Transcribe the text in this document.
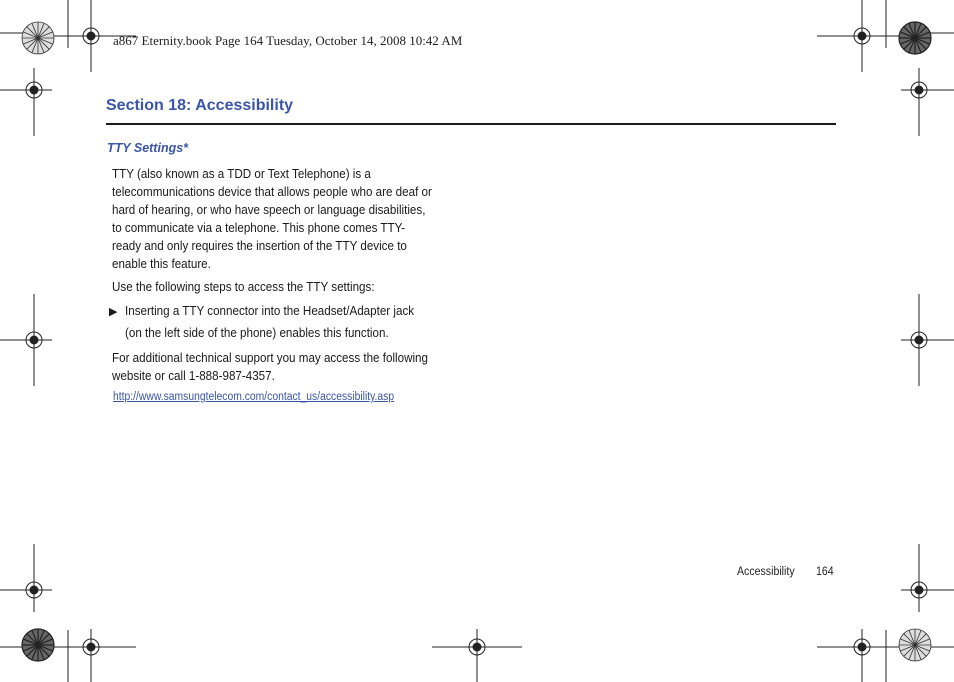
a867 Eternity.book Page 164 Tuesday, October 14, 2008 10:42 AM
Section 18: Accessibility
TTY Settings*
TTY (also known as a TDD or Text Telephone) is a telecommunications device that allows people who are deaf or hard of hearing, or who have speech or language disabilities, to communicate via a telephone. This phone comes TTY-ready and only requires the insertion of the TTY device to enable this feature.
Use the following steps to access the TTY settings:
▶ Inserting a TTY connector into the Headset/Adapter jack (on the left side of the phone) enables this function.
For additional technical support you may access the following website or call 1-888-987-4357.
http://www.samsungtelecom.com/contact_us/accessibility.asp
Accessibility 164
